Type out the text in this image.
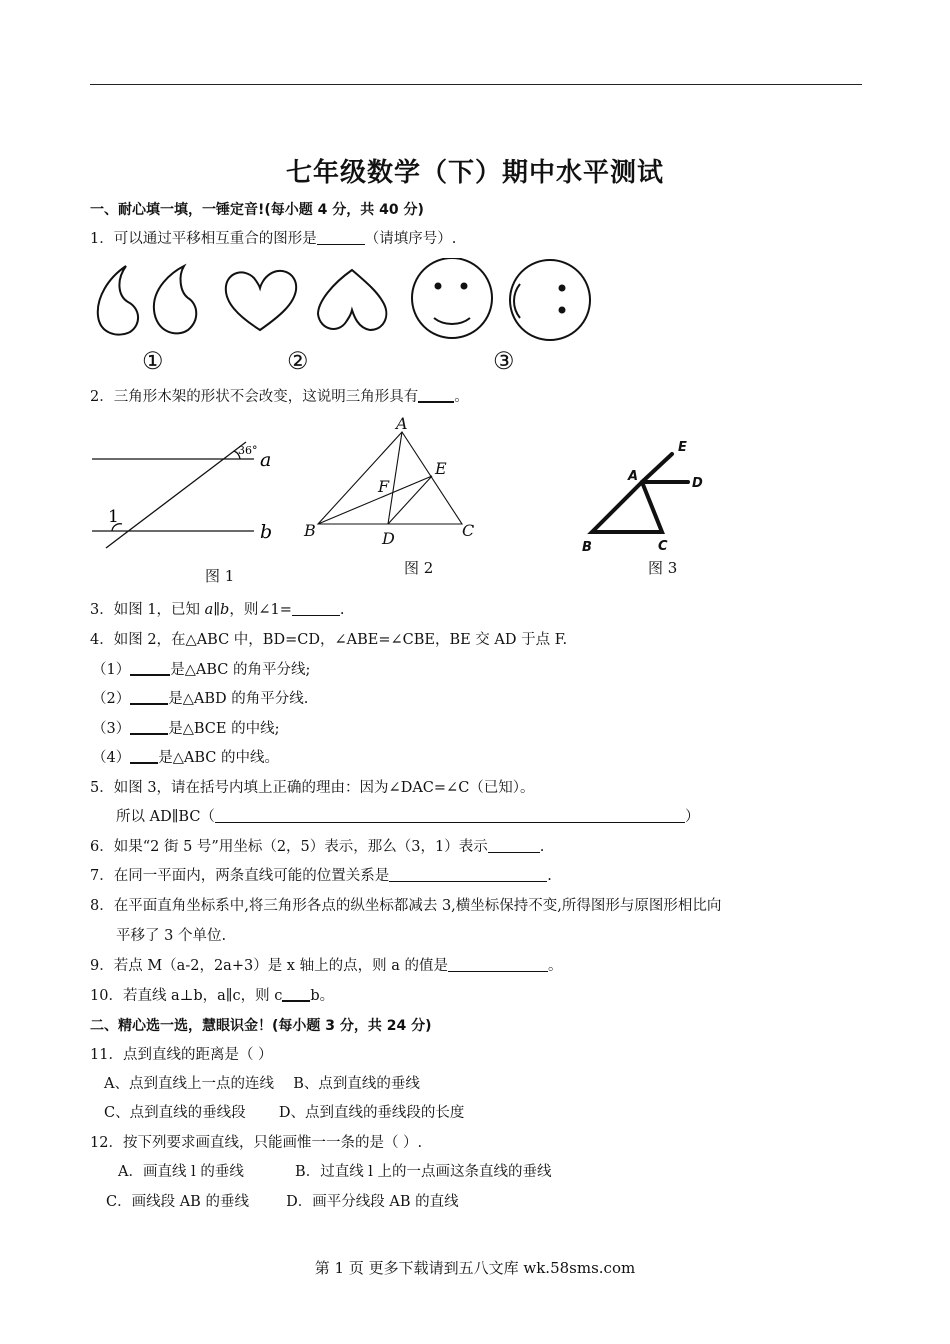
七年级数学（下）期中水平测试
一、耐心填一填，一锤定音!(每小题 4 分，共 40 分)
1．可以通过平移相互重合的图形是	（请填序号）.
①	②	③
2．三角形木架的形状不会改变，这说明三角形具有 。
36° a
b
1
图 1
A
B	C
D
E
F
图 2
A
B	C
D
E
图 3
3．如图 1，已知 a∥b，则∠1=	.
4．如图 2，在△ABC 中，BD=CD，∠ABE=∠CBE，BE 交 AD 于点 F.
（1）	是△ABC 的角平分线;
（2）	是△ABD 的角平分线.
（3）	是△BCE 的中线;
（4） 是△ABC 的中线。
5．如图 3，请在括号内填上正确的理由：因为∠DAC=∠C（已知）。
所以 AD∥BC（	）
6．如果“2 街 5 号”用坐标（2，5）表示，那么（3，1）表示	.
7．在同一平面内，两条直线可能的位置关系是	.
8．在平面直角坐标系中,将三角形各点的纵坐标都减去 3,横坐标保持不变,所得图形与原图形相比向
平移了 3 个单位.
9．若点 M（a-2，2a+3）是 x 轴上的点，则 a 的值是	。
10．若直线 a⊥b，a∥c，则 c b。
二、精心选一选，慧眼识金！(每小题 3 分，共 24 分)
11．点到直线的距离是（ ）
A、点到直线上一点的连线 B、点到直线的垂线
C、点到直线的垂线段 D、点到直线的垂线段的长度
12．按下列要求画直线，只能画惟一一条的是（ ）.
A．画直线 l 的垂线	B．过直线 l 上的一点画这条直线的垂线
C．画线段 AB 的垂线	D．画平分线段 AB 的直线
第 1 页 更多下载请到五八文库 wk.58sms.com
